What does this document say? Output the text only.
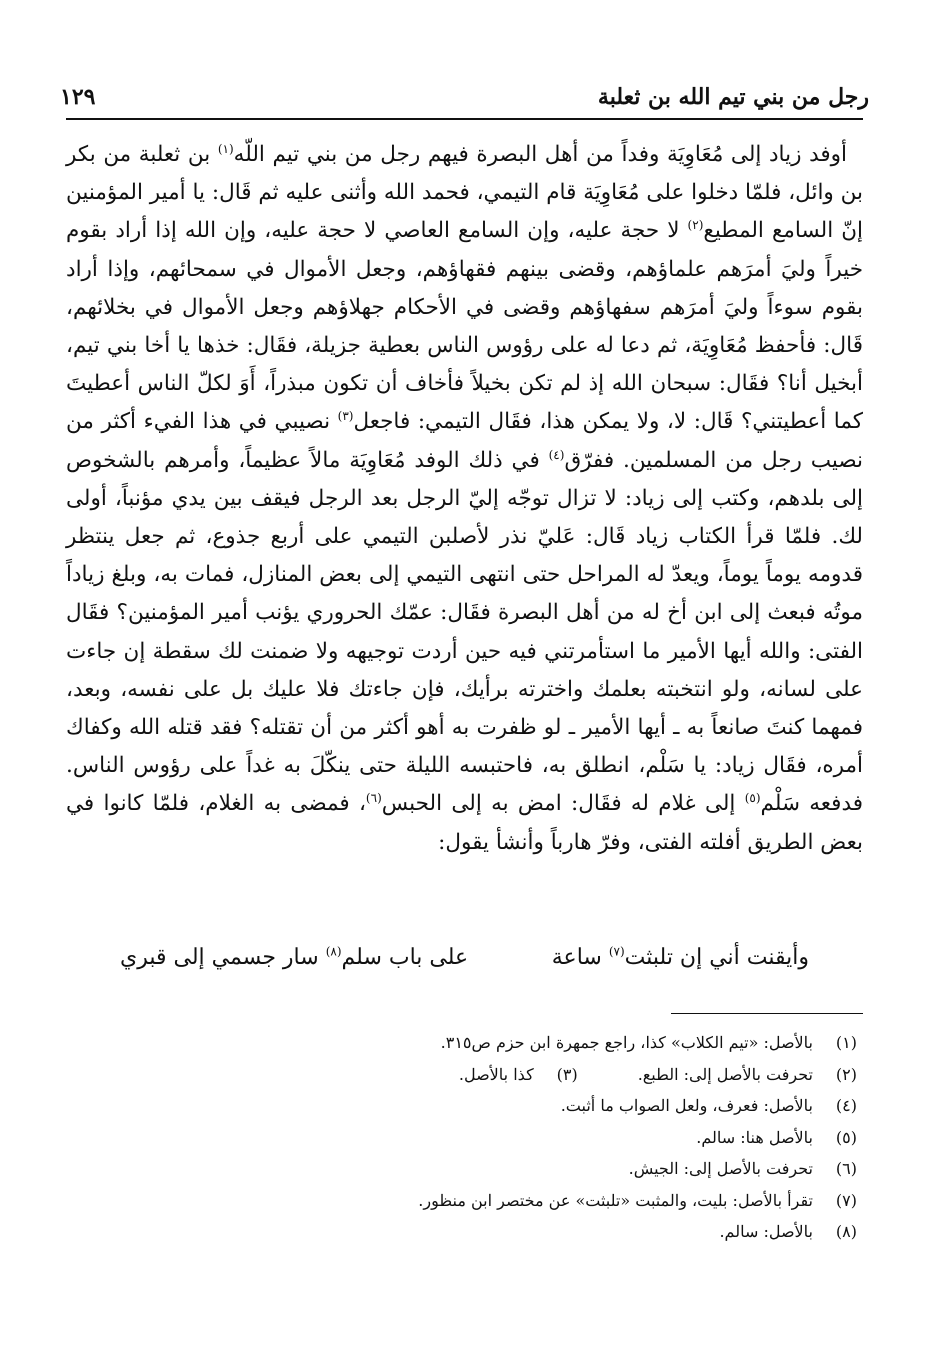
رجل من بني تيم الله بن ثعلبة
١٢٩

أوفد زياد إلى مُعَاوِيَة وفداً من أهل البصرة فيهم رجل من بني تيم اللّه$^{(١)}$ بن ثعلبة من بكر بن وائل، فلمّا دخلوا على مُعَاوِيَة قام التيمي، فحمد الله وأثنى عليه ثم قَال: يا أمير المؤمنين إنّ السامع المطيع$^{(٢)}$ لا حجة عليه، وإن السامع العاصي لا حجة عليه، وإن الله إذا أراد بقوم خيراً وليَ أمرَهم علماؤهم، وقضى بينهم فقهاؤهم، وجعل الأموال في سمحائهم، وإذا أراد بقوم سوءاً وليَ أمرَهم سفهاؤهم وقضى في الأحكام جهلاؤهم وجعل الأموال في بخلائهم، قَال: فأحفظ مُعَاوِيَة، ثم دعا له على رؤوس الناس بعطية جزيلة، فقَال: خذها يا أخا بني تيم، أبخيل أنا؟ فقَال: سبحان الله إذ لم تكن بخيلاً فأخاف أن تكون مبذراً، أَوَ لكلّ الناس أعطيتَ كما أعطيتني؟ قَال: لا، ولا يمكن هذا، فقَال التيمي: فاجعل$^{(٣)}$ نصيبي في هذا الفيء أكثر من نصيب رجل من المسلمين. ففرّق$^{(٤)}$ في ذلك الوفد مُعَاوِيَة مالاً عظيماً، وأمرهم بالشخوص إلى بلدهم، وكتب إلى زياد: لا تزال توجّه إليّ الرجل بعد الرجل فيقف بين يدي مؤنباً، أولى لك. فلمّا قرأ الكتاب زياد قَال: عَليّ نذر لأصلبن التيمي على أربع جذوع، ثم جعل ينتظر قدومه يوماً يوماً، ويعدّ له المراحل حتى انتهى التيمي إلى بعض المنازل، فمات به، وبلغ زياداً موتُه فبعث إلى ابن أخ له من أهل البصرة فقَال: عمّك الحروري يؤنب أمير المؤمنين؟ فقَال الفتى: والله أيها الأمير ما استأمرتني فيه حين أردت توجيهه ولا ضمنت لك سقطة إن جاءت على لسانه، ولو انتخبته بعلمك واخترته برأيك، فإن جاءتك فلا عليك بل على نفسه، وبعد، فمهما كنتَ صانعاً به ـ أيها الأمير ـ لو ظفرت به أهو أكثر من أن تقتله؟ فقد قتله الله وكفاك أمره، فقَال زياد: يا سَلْم، انطلق به، فاحتبسه الليلة حتى ينكّلَ به غداً على رؤوس الناس. فدفعه سَلْم$^{(٥)}$ إلى غلام له فقَال: امض به إلى الحبس$^{(٦)}$، فمضى به الغلام، فلمّا كانوا في بعض الطريق أفلته الفتى، وفرّ هارباً وأنشأ يقول:

وأيقنت أني إن تلبثت$^{(٧)}$ ساعة
على باب سلم$^{(٨)}$ سار جسمي إلى قبري
(١)
بالأصل: «تيم الكلاب» كذا، راجع جمهرة ابن حزم ص٣١٥.
(٢)
تحرفت بالأصل إلى: الطبع.
(٣)
كذا بالأصل.
(٤)
بالأصل: فعرف، ولعل الصواب ما أثبت.
(٥)
بالأصل هنا: سالم.
(٦)
تحرفت بالأصل إلى: الجيش.
(٧)
تقرأ بالأصل: بليت، والمثبت «تلبثت» عن مختصر ابن منظور.
(٨)
بالأصل: سالم.
